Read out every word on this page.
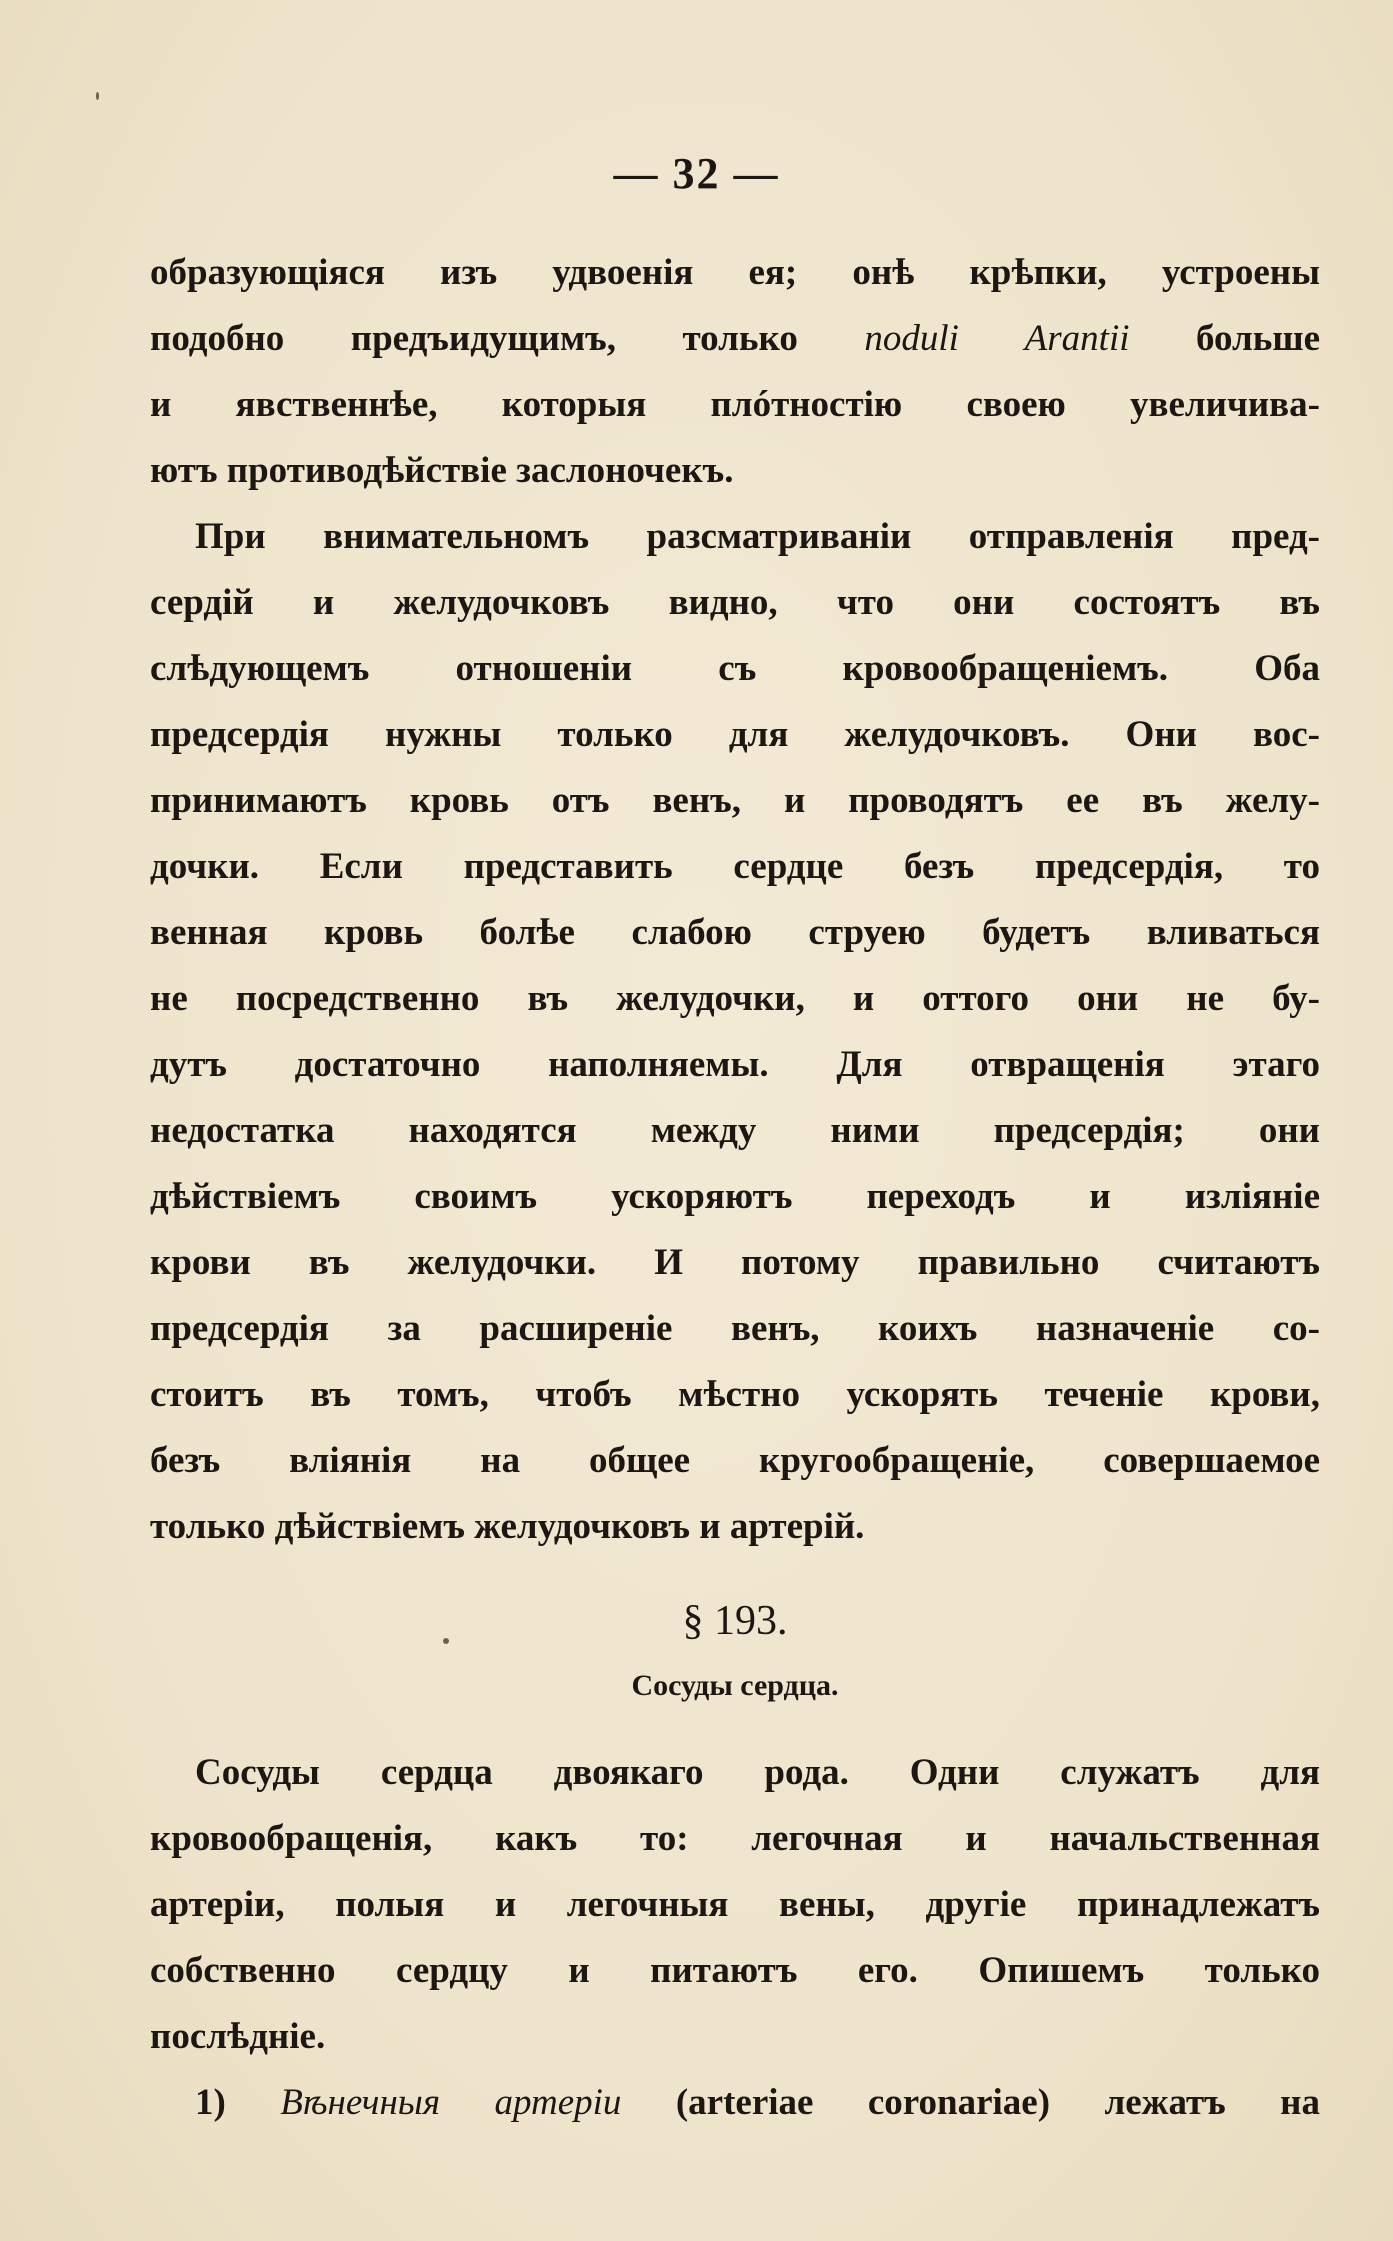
— 32 —
образующіяся изъ удвоенія ея; онѣ крѣпки, устроены
подобно предъидущимъ, только noduli Arantii больше
и явственнѣе, которыя плóтностію своею увеличива-
ютъ противодѣйствіе заслоночекъ.
При внимательномъ разсматриваніи отправленія пред-
сердій и желудочковъ видно, что они состоятъ въ
слѣдующемъ отношеніи съ кровообращеніемъ. Оба
предсердія нужны только для желудочковъ. Они вос-
принимаютъ кровь отъ венъ, и проводятъ ее въ желу-
дочки. Если представить сердце безъ предсердія, то
венная кровь болѣе слабою струею будетъ вливаться
не посредственно въ желудочки, и оттого они не бу-
дутъ достаточно наполняемы. Для отвращенія этаго
недостатка находятся между ними предсердія; они
дѣйствіемъ своимъ ускоряютъ переходъ и изліяніе
крови въ желудочки. И потому правильно считаютъ
предсердія за расширеніе венъ, коихъ назначеніе со-
стоитъ въ томъ, чтобъ мѣстно ускорять теченіе крови,
безъ вліянія на общее кругообращеніе, совершаемое
только дѣйствіемъ желудочковъ и артерій.
§ 193.
Сосуды сердца.
Сосуды сердца двоякаго рода. Одни служатъ для
кровообращенія, какъ то: легочная и начальственная
артеріи, полыя и легочныя вены, другіе принадлежатъ
собственно сердцу и питаютъ его. Опишемъ только
послѣдніе.
1) Вѣнечныя артеріи (arteriae coronariae) лежатъ на
